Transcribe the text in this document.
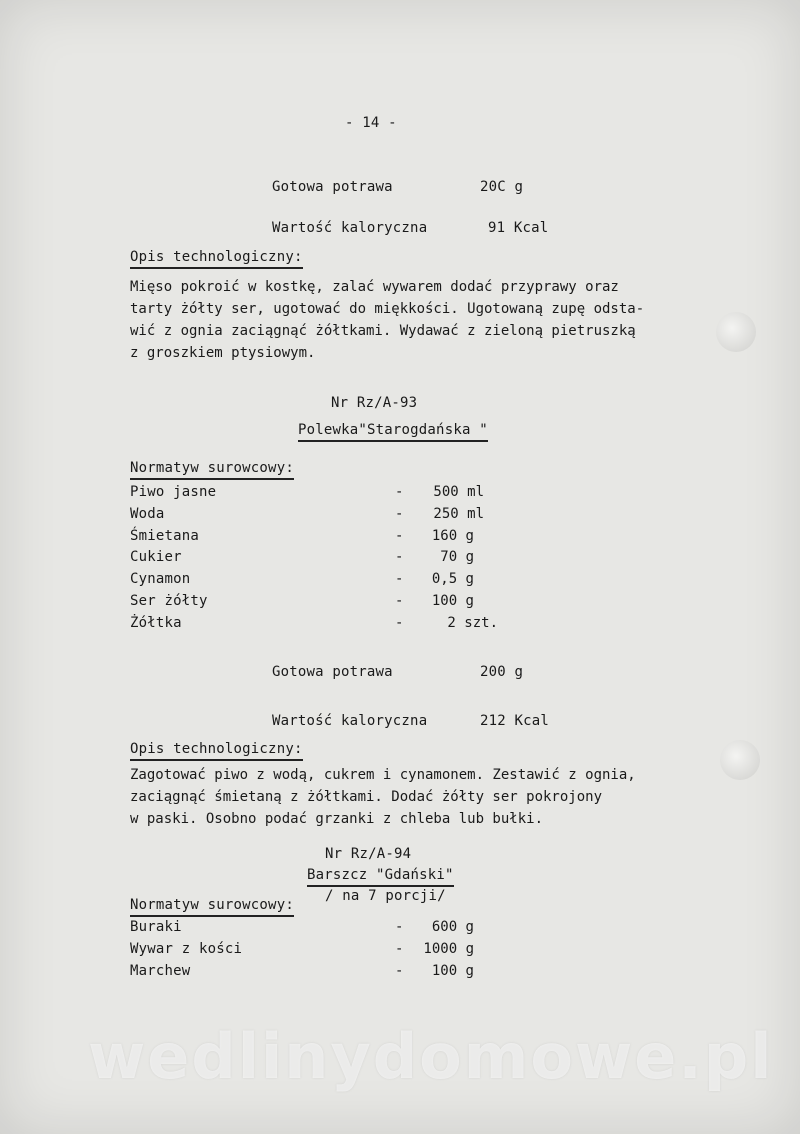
- 14 -
Gotowa potrawa	20C g
Wartość kaloryczna	91 Kcal
Opis technologiczny:
Mięso pokroić w kostkę, zalać wywarem dodać przyprawy oraz
tarty żółty ser, ugotować do miękkości. Ugotowaną zupę odsta-
wić z ognia zaciągnąć żółtkami. Wydawać z zieloną pietruszką
z groszkiem ptysiowym.
Nr Rz/A-93
Polewka"Starogdańska "
Normatyw surowcowy:
Piwo jasne	-	500 ml
Woda	-	250 ml
Śmietana	-	160 g
Cukier	-	70 g
Cynamon	-	0,5 g
Ser żółty	-	100 g
Żółtka	-	2 szt.
Gotowa potrawa	200 g
Wartość kaloryczna	212 Kcal
Opis technologiczny:
Zagotować piwo z wodą, cukrem i cynamonem. Zestawić z ognia,
zaciągnąć śmietaną z żółtkami. Dodać żółty ser pokrojony
w paski. Osobno podać grzanki z chleba lub bułki.
Nr Rz/A-94
Barszcz "Gdański"
/ na 7 porcji/
Normatyw surowcowy:
Buraki	-	600 g
Wywar z kości	-	1000 g
Marchew	-	100 g
wedlinydomowe.pl
